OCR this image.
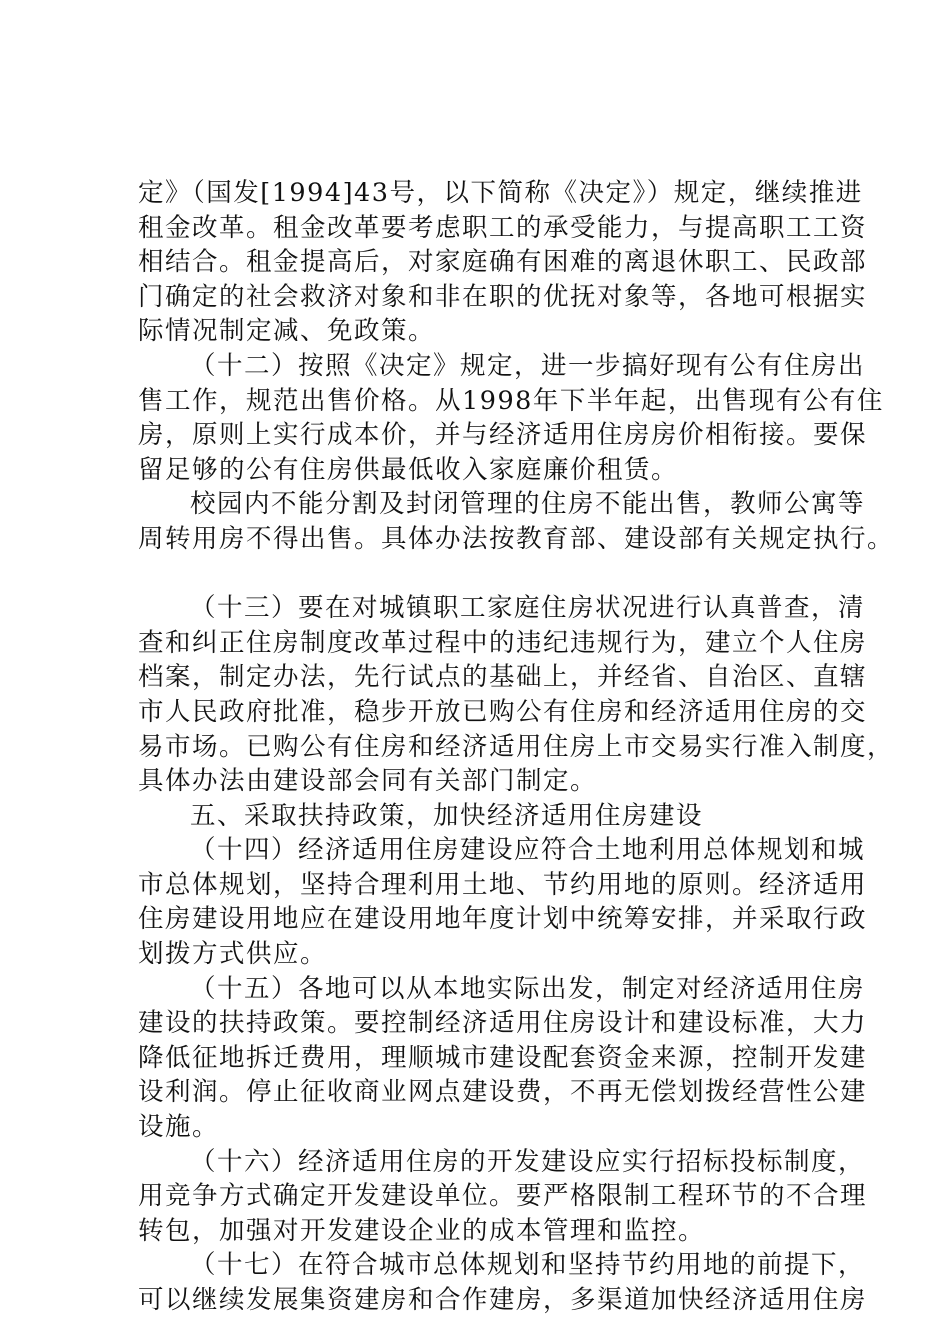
定》（国发[1994]43号，以下简称《决定》）规定，继续推进
租金改革。租金改革要考虑职工的承受能力，与提高职工工资
相结合。租金提高后，对家庭确有困难的离退休职工、民政部
门确定的社会救济对象和非在职的优抚对象等，各地可根据实
际情况制定减、免政策。
（十二）按照《决定》规定，进一步搞好现有公有住房出
售工作，规范出售价格。从1998年下半年起，出售现有公有住
房，原则上实行成本价，并与经济适用住房房价相衔接。要保
留足够的公有住房供最低收入家庭廉价租赁。
校园内不能分割及封闭管理的住房不能出售，教师公寓等
周转用房不得出售。具体办法按教育部、建设部有关规定执行。
（十三）要在对城镇职工家庭住房状况进行认真普查，清
查和纠正住房制度改革过程中的违纪违规行为，建立个人住房
档案，制定办法，先行试点的基础上，并经省、自治区、直辖
市人民政府批准，稳步开放已购公有住房和经济适用住房的交
易市场。已购公有住房和经济适用住房上市交易实行准入制度，
具体办法由建设部会同有关部门制定。
五、采取扶持政策，加快经济适用住房建设
（十四）经济适用住房建设应符合土地利用总体规划和城
市总体规划，坚持合理利用土地、节约用地的原则。经济适用
住房建设用地应在建设用地年度计划中统筹安排，并采取行政
划拨方式供应。
（十五）各地可以从本地实际出发，制定对经济适用住房
建设的扶持政策。要控制经济适用住房设计和建设标准，大力
降低征地拆迁费用，理顺城市建设配套资金来源，控制开发建
设利润。停止征收商业网点建设费，不再无偿划拨经营性公建
设施。
（十六）经济适用住房的开发建设应实行招标投标制度，
用竞争方式确定开发建设单位。要严格限制工程环节的不合理
转包，加强对开发建设企业的成本管理和监控。
（十七）在符合城市总体规划和坚持节约用地的前提下，
可以继续发展集资建房和合作建房，多渠道加快经济适用住房
